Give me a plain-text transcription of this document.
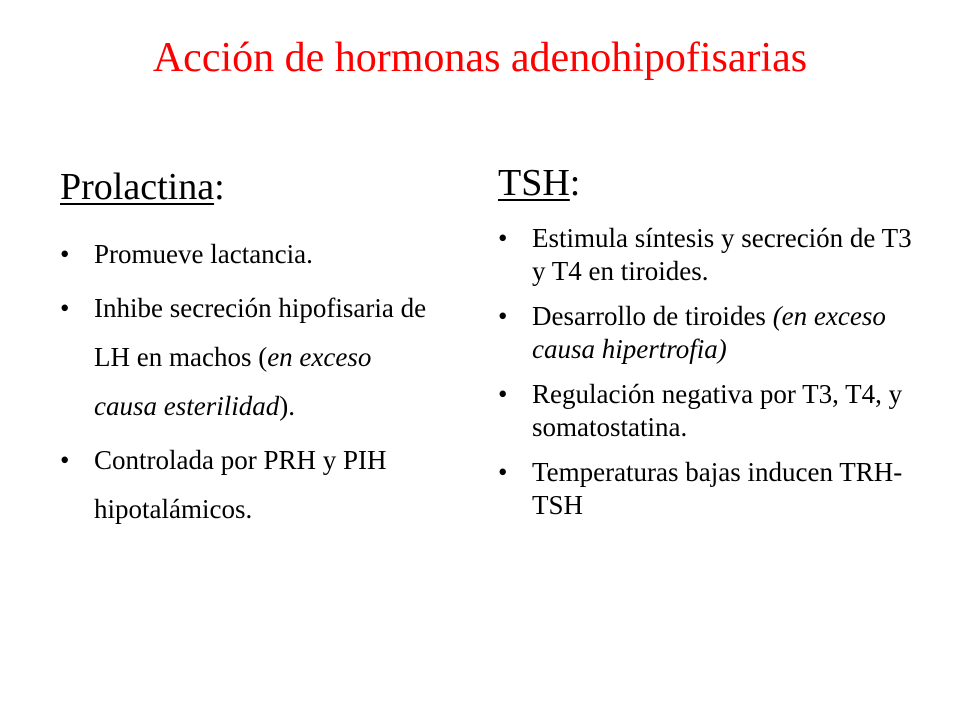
Acción de hormonas adenohipofisarias
Prolactina:
• Promueve lactancia.
• Inhibe secreción hipofisaria de LH en machos (en exceso causa esterilidad).
• Controlada por PRH y PIH hipotalámicos.
TSH:
• Estimula síntesis y secreción de T3 y T4 en tiroides.
• Desarrollo de tiroides (en exceso causa hipertrofia)
• Regulación negativa por T3, T4, y somatostatina.
• Temperaturas bajas inducen TRH-TSH
